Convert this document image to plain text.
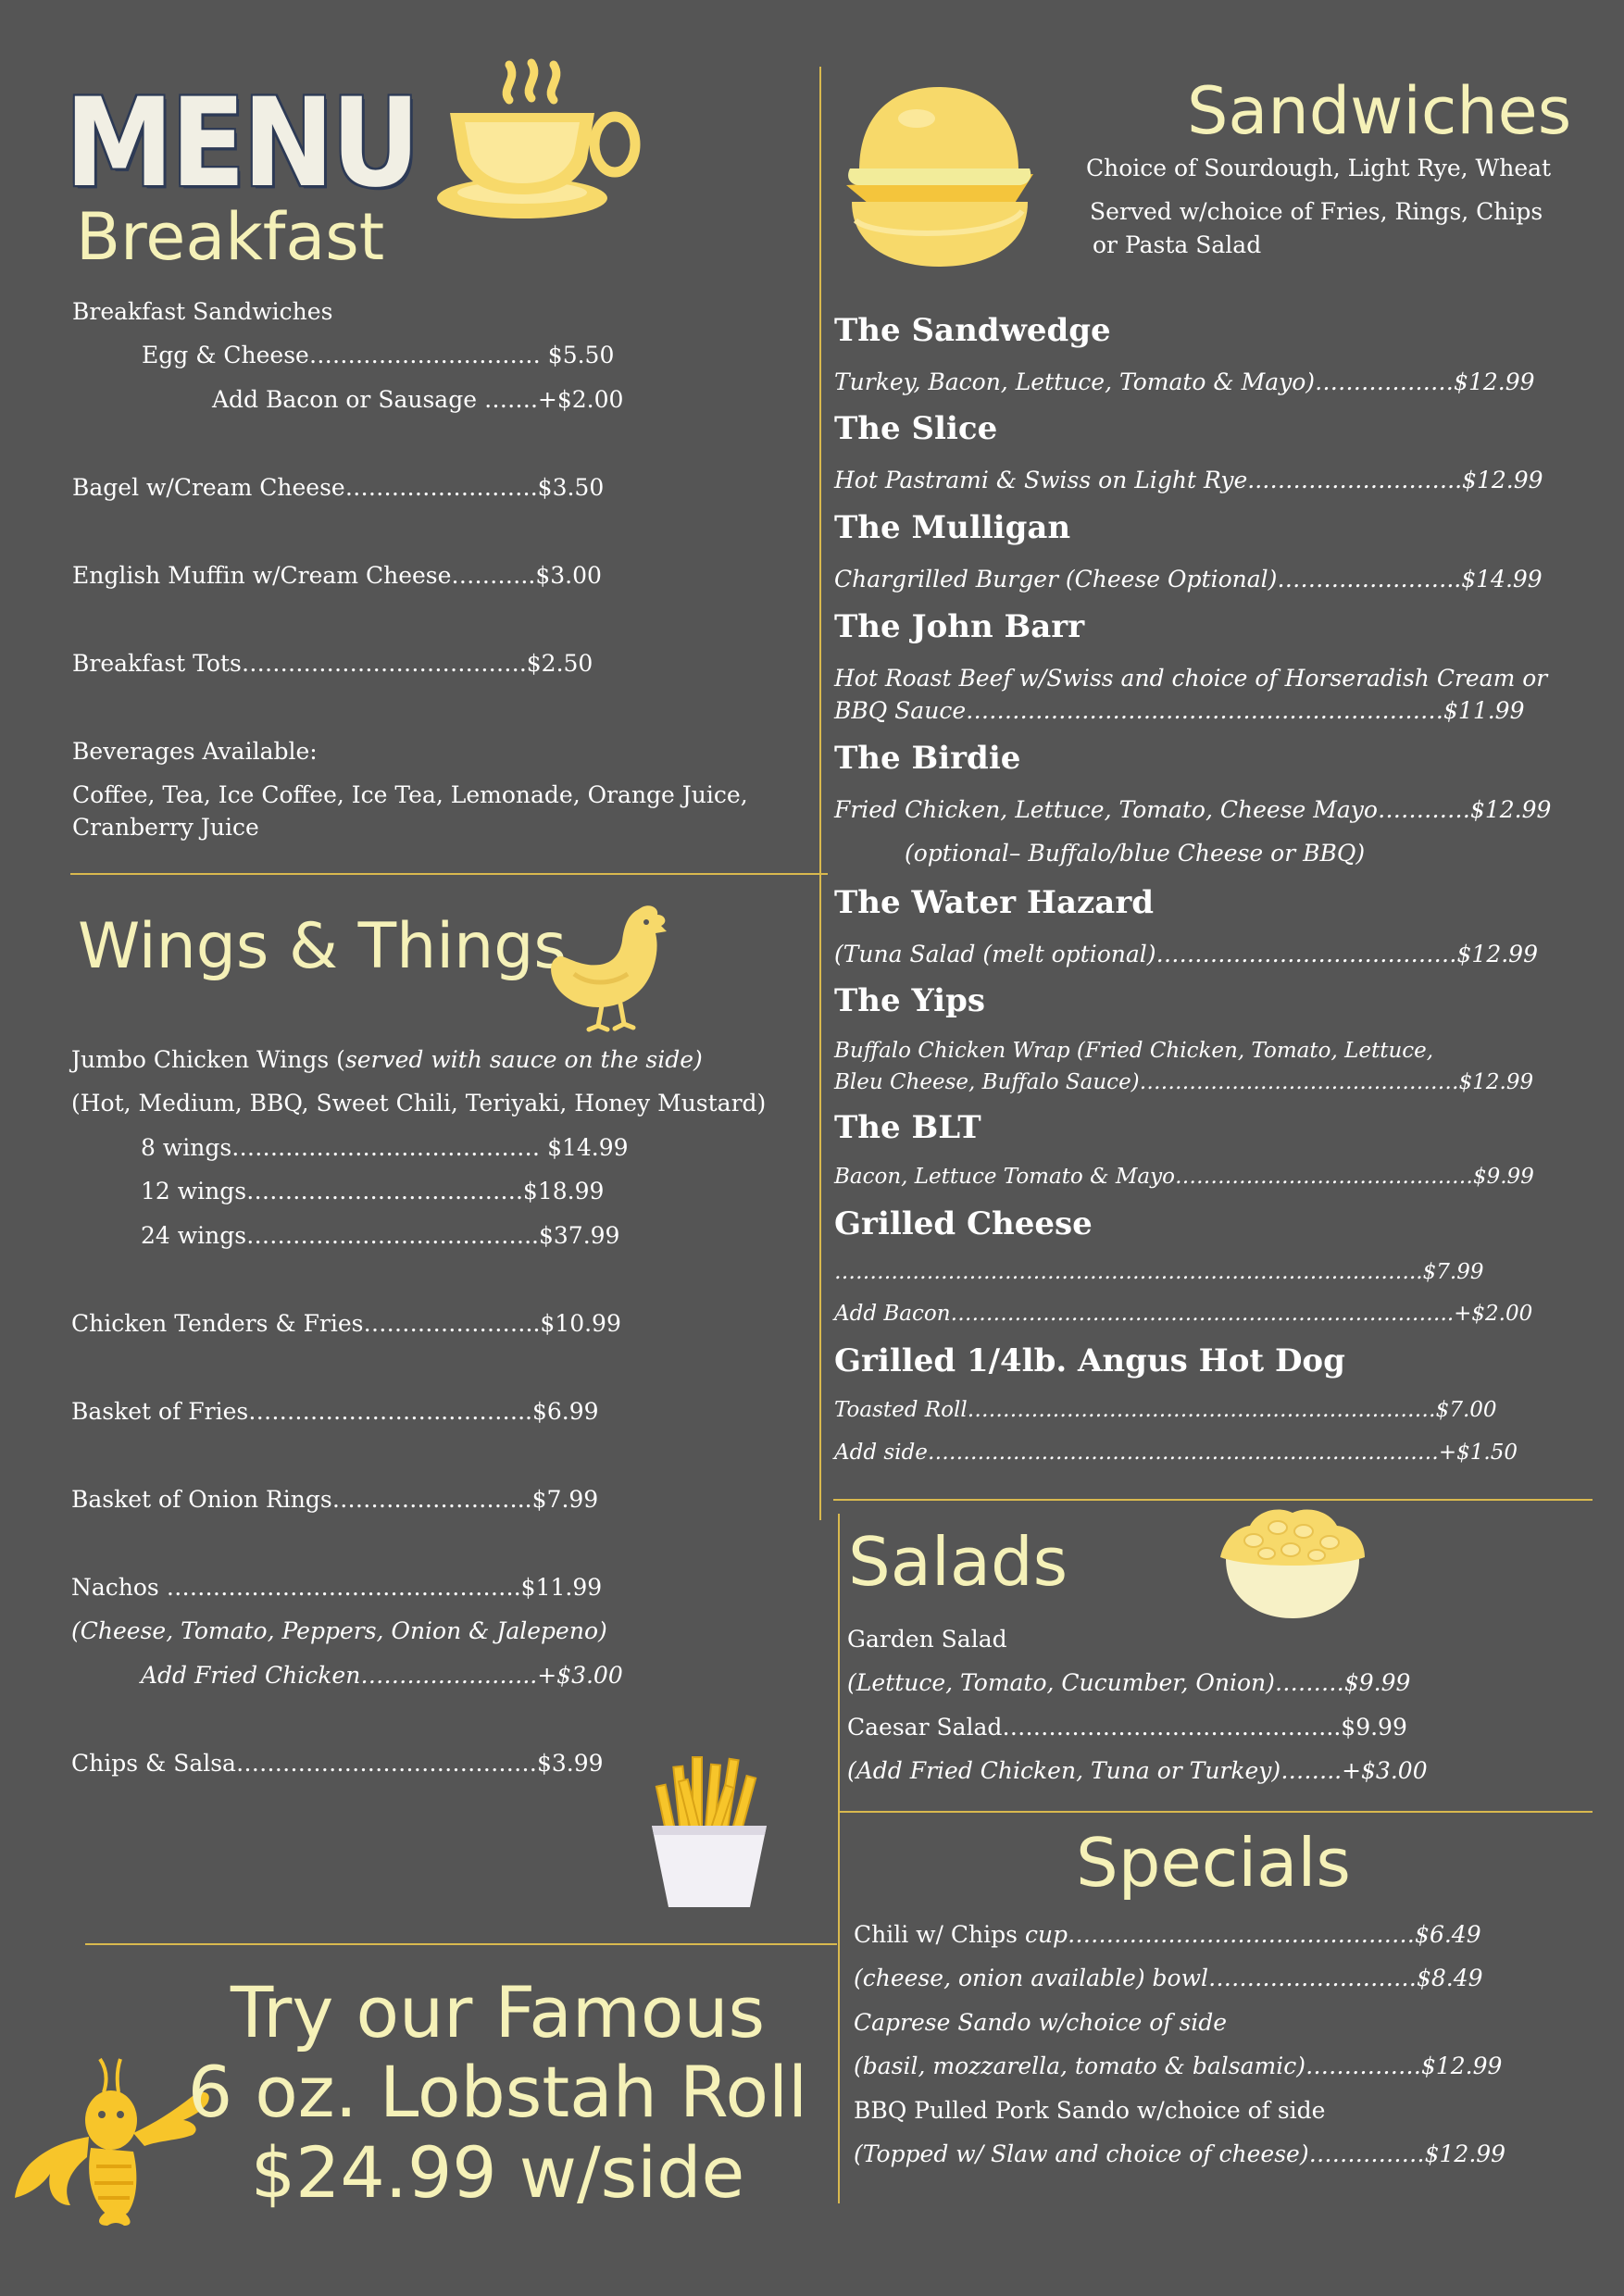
MENU
Breakfast
Breakfast Sandwiches
Egg & Cheese………………………… $5.50
Add Bacon or Sausage …….+$2.00
Bagel w/Cream Cheese…………………….$3.50
English Muffin w/Cream Cheese………..$3.00
Breakfast Tots……………………………….$2.50
Beverages Available:
Coffee, Tea, Ice Coffee, Ice Tea, Lemonade, Orange Juice,
Cranberry Juice
Wings & Things
Jumbo Chicken Wings (served with sauce on the side)
(Hot, Medium, BBQ, Sweet Chili, Teriyaki, Honey Mustard)
8 wings…….…………………………… $14.99
12 wings………………………..…….$18.99
24 wings………………………………..$37.99
Chicken Tenders & Fries…………………..$10.99
Basket of Fries……………………..………..$6.99
Basket of Onion Rings……………………..$7.99
Nachos ……………………………………….$11.99
(Cheese, Tomato, Peppers, Onion & Jalepeno)
Add Fried Chicken…………………..+$3.00
Chips & Salsa…………………………………$3.99
Try our Famous
6 oz. Lobstah Roll
$24.99 w/side
Sandwiches
Choice of Sourdough, Light Rye, Wheat
Served w/choice of Fries, Rings, Chips
or Pasta Salad
The Sandwedge
Turkey, Bacon, Lettuce, Tomato & Mayo)………………$12.99
The Slice
Hot Pastrami & Swiss on Light Rye..……………………..$12.99
The Mulligan
Chargrilled Burger (Cheese Optional)……….…………..$14.99
The John Barr
Hot Roast Beef w/Swiss and choice of Horseradish Cream or
BBQ Sauce……………………..………………………………$11.99
The Birdie
Fried Chicken, Lettuce, Tomato, Cheese Mayo…………$12.99
(optional– Buffalo/blue Cheese or BBQ)
The Water Hazard
(Tuna Salad (melt optional)…………………………………$12.99
The Yips
Buffalo Chicken Wrap (Fried Chicken, Tomato, Lettuce,
Bleu Cheese, Buffalo Sauce)………………………………………$12.99
The BLT
Bacon, Lettuce Tomato & Mayo……………………………………$9.99
Grilled Cheese
………………………………………………………………………..$7.99
Add Bacon……………………………………………………………..+$2.00
Grilled 1/4lb. Angus Hot Dog
Toasted Roll…………………………………………………………$7.00
Add side………………………………………………………………+$1.50
Salads
Garden Salad
(Lettuce, Tomato, Cucumber, Onion)………$9.99
Caesar Salad……………………………………..$9.99
(Add Fried Chicken, Tuna or Turkey)……..+$3.00
Specials
Chili w/ Chips cup………………………………………$6.49
(cheese, onion available) bowl………………………$8.49
Caprese Sando w/choice of side
(basil, mozzarella, tomato & balsamic)……………$12.99
BBQ Pulled Pork Sando w/choice of side
(Topped w/ Slaw and choice of cheese)……………$12.99
